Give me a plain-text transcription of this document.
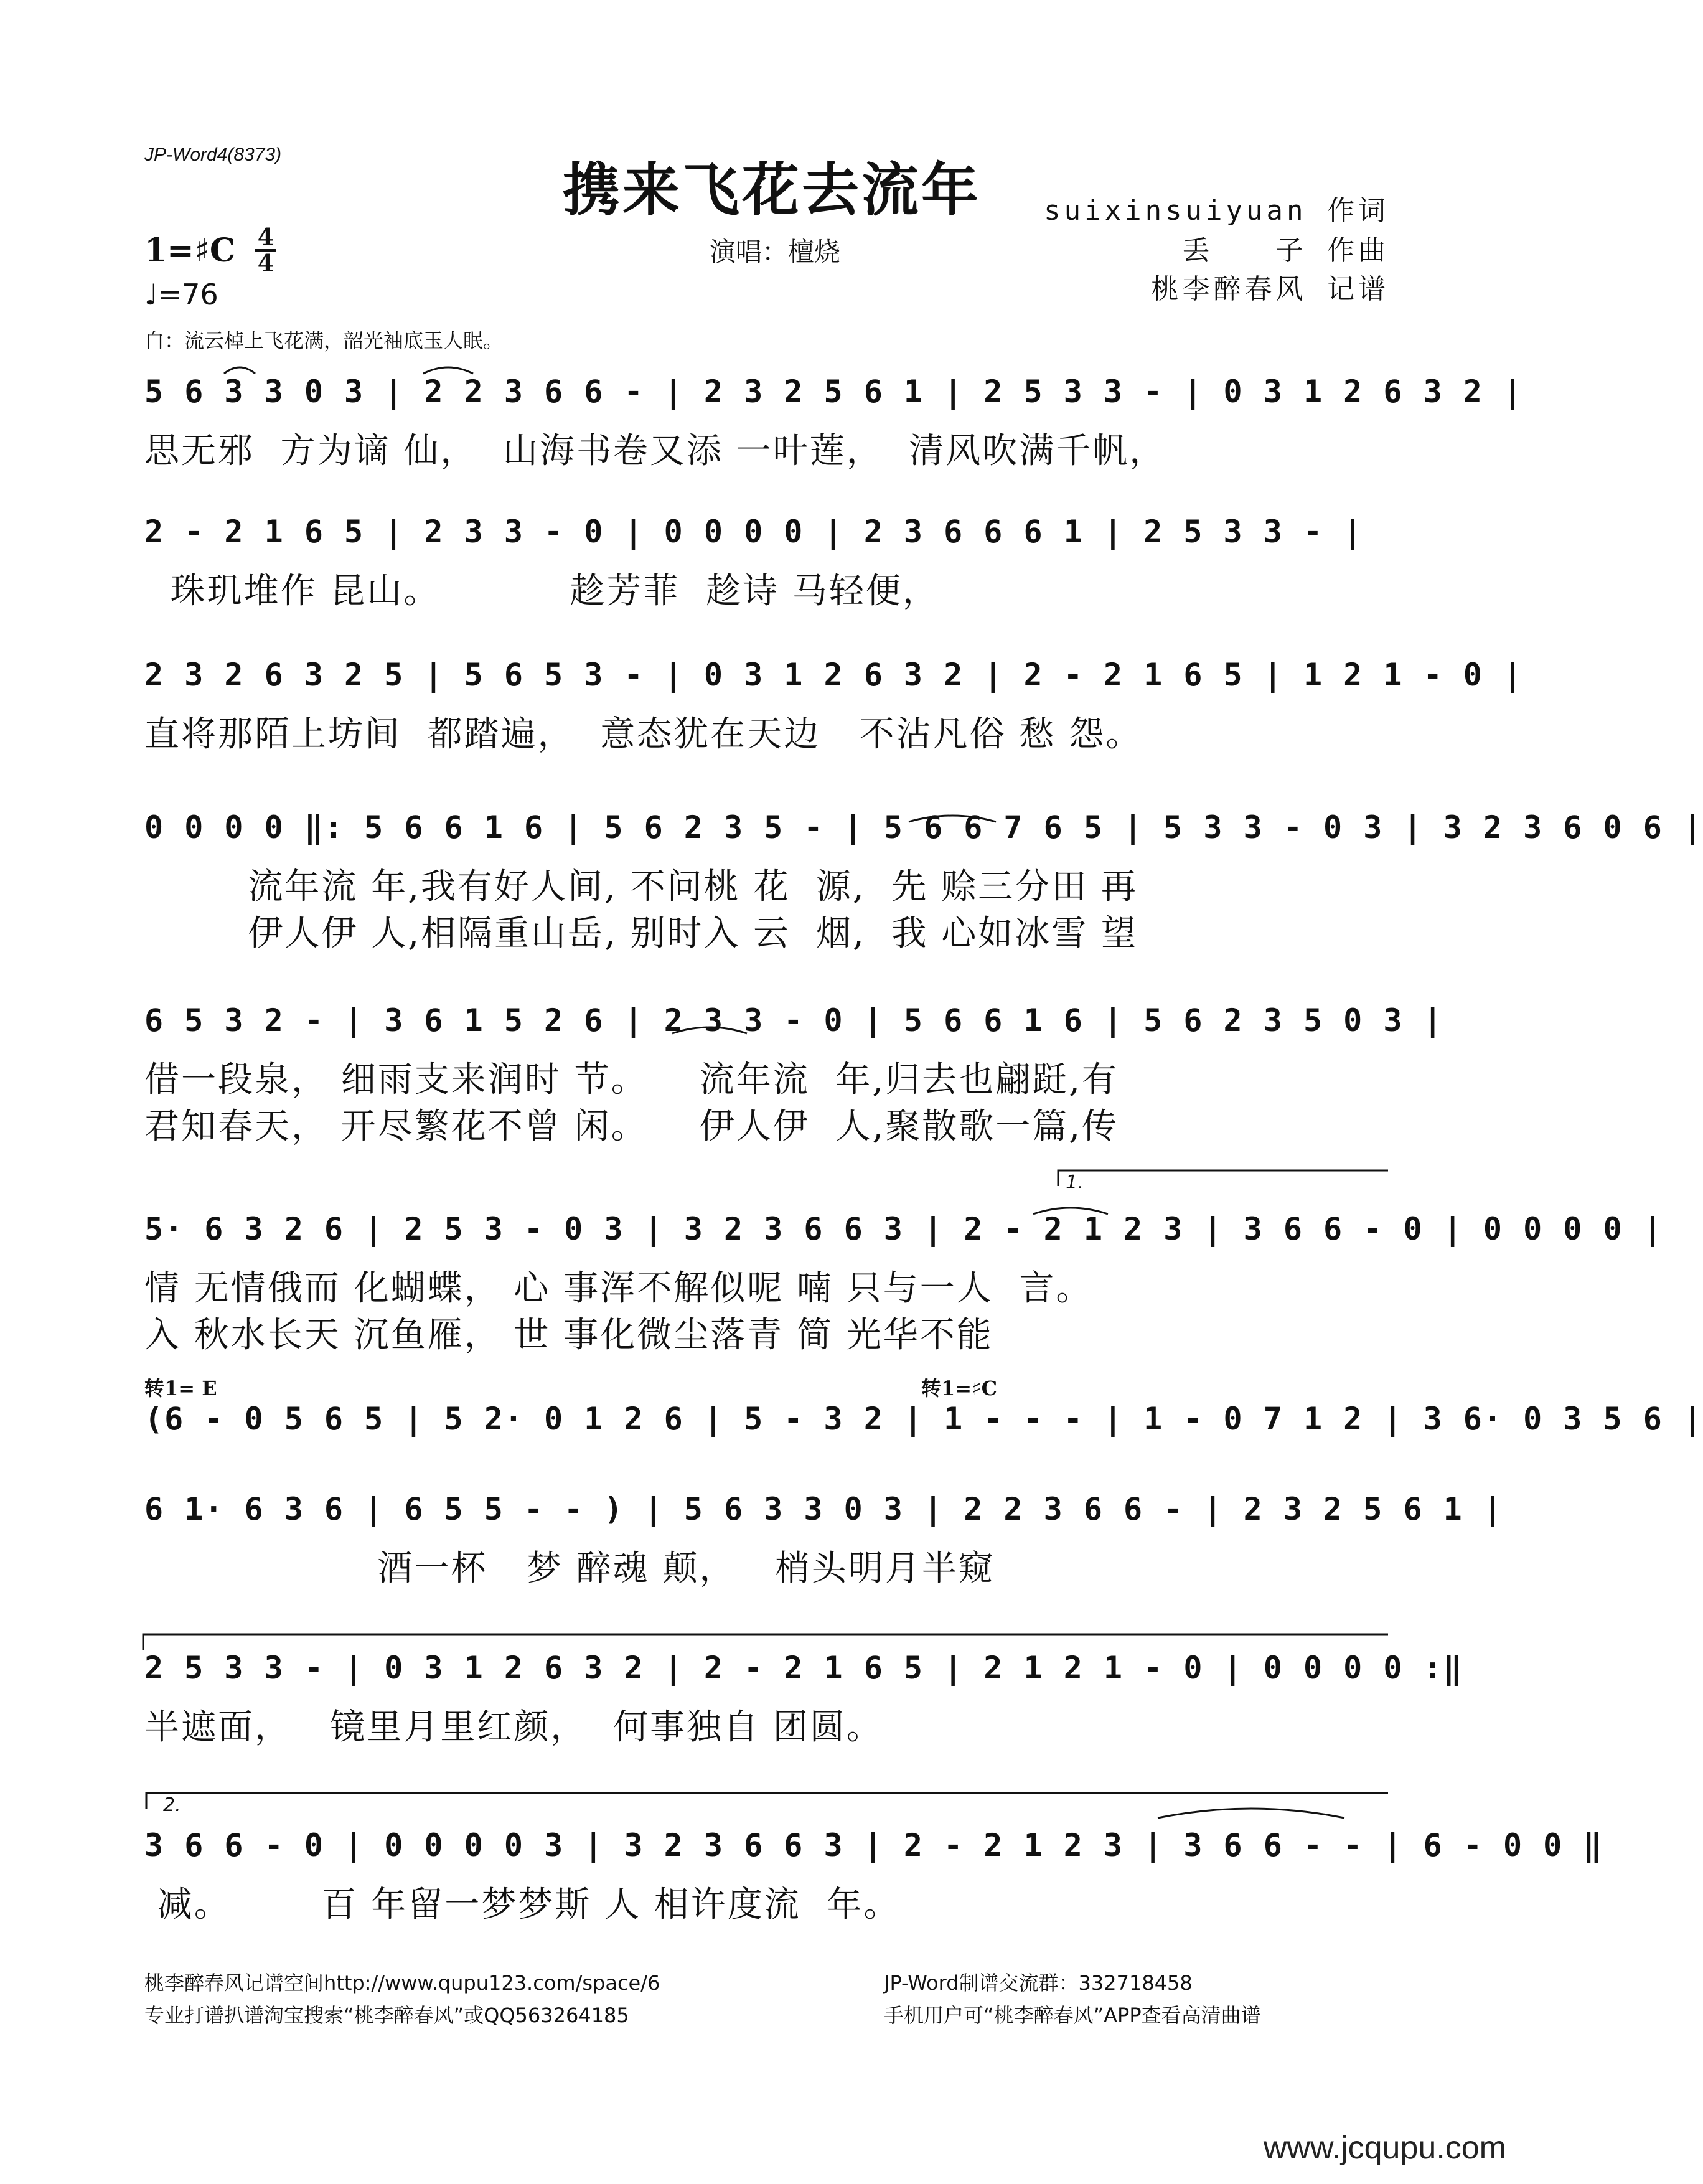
JP-Word4(8373)
携来飞花去流年
演唱：檀烧
suixinsuiyuan 作词
丢　　子 作曲
桃李醉春风 记谱
1=♯C 4
4
♩=76
白：流云棹上飞花满，韶光袖底玉人眠。
5 6 3 3 0 3 | 2 2 3 6 6 - | 2 3 2 5 6 1 | 2 5 3 3 - | 0 3 1 2 6 3 2 |
思无邪  方为谪 仙，  山海书卷又添 一叶莲，  清风吹满千帆，
2 - 2 1 6 5 | 2 3 3 - 0 | 0 0 0 0 | 2 3 6 6 6 1 | 2 5 3 3 - |
珠玑堆作 昆山。          趁芳菲  趁诗 马轻便，
2 3 2 6 3 2 5 | 5 6 5 3 - | 0 3 1 2 6 3 2 | 2 - 2 1 6 5 | 1 2 1 - 0 |
直将那陌上坊间  都踏遍，  意态犹在天边   不沾凡俗 愁 怨。
0 0 0 0 ‖: 5 6 6 1 6 | 5 6 2 3 5 - | 5 6 6 7 6 5 | 5 3 3 - 0 3 | 3 2 3 6 0 6 |
流年流 年,我有好人间, 不问桃 花  源,  先 赊三分田 再
伊人伊 人,相隔重山岳, 别时入 云  烟,  我 心如冰雪 望
6 5 3 2 - | 3 6 1 5 2 6 | 2 3 3 - 0 | 5 6 6 1 6 | 5 6 2 3 5 0 3 |
借一段泉， 细雨支来润时 节。    流年流  年,归去也翩跹,有
君知春天， 开尽繁花不曾 闲。    伊人伊  人,聚散歌一篇,传
1.
5· 6 3 2 6 | 2 5 3 - 0 3 | 3 2 3 6 6 3 | 2 - 2 1 2 3 | 3 6 6 - 0 | 0 0 0 0 |
情 无情俄而 化蝴蝶， 心 事浑不解似呢 喃 只与一人  言。
入 秋水长天 沉鱼雁， 世 事化微尘落青 简 光华不能
转1= E	转1=♯C
(6 - 0 5 6 5 | 5 2· 0 1 2 6 | 5 - 3 2 | 1 - - - | 1 - 0 7 1 2 | 3 6· 0 3 5 6 |
6 1· 6 3 6 | 6 5 5 - - ) | 5 6 3 3 0 3 | 2 2 3 6 6 - | 2 3 2 5 6 1 |
酒一杯   梦 醉魂 颠，   梢头明月半窥
2 5 3 3 - | 0 3 1 2 6 3 2 | 2 - 2 1 6 5 | 2 1 2 1 - 0 | 0 0 0 0 :‖
半遮面，   镜里月里红颜，  何事独自 团圆。
2.
3 6 6 - 0 | 0 0 0 0 3 | 3 2 3 6 6 3 | 2 - 2 1 2 3 | 3 6 6 - - | 6 - 0 0 ‖
减。       百 年留一梦梦斯 人 相许度流  年。
桃李醉春风记谱空间http://www.qupu123.com/space/6
专业打谱扒谱淘宝搜索“桃李醉春风”或QQ563264185
JP-Word制谱交流群：332718458
手机用户可“桃李醉春风”APP查看高清曲谱
www.jcqupu.com
